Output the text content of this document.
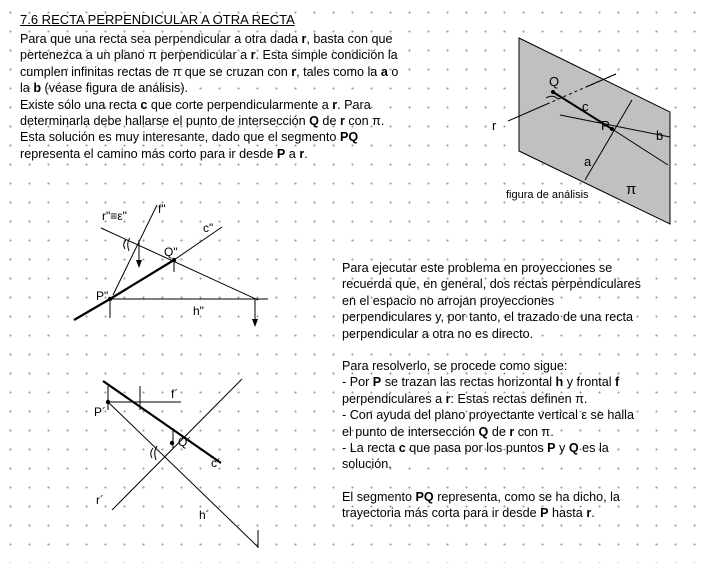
7.6 RECTA PERPENDICULAR A OTRA RECTA
Para que una recta sea perpendicular a otra dada r, basta con que
pertenezca a un plano π perpendicular a r. Esta simple condición la
cumplen infinitas rectas de π que se cruzan con r, tales como la a o
la b (véase figura de análisis).
Existe sólo una recta c que corte perpendicularmente a r. Para
determinarla debe hallarse el punto de intersección Q de r con π.
Esta solución es muy interesante, dado que el segmento PQ
representa el camino más corto para ir desde P a r.
Q
c
P
r
b
a
π
figura de análisis
r"≡ε"	f"
c"
Q"
P"
h"
f´
P´
Q´
c´
r´
h´
Para ejecutar este problema en proyecciones se
recuerda que, en general, dos rectas perpendiculares
en el espacio no arrojan proyecciones
perpendiculares y, por tanto, el trazado de una recta
perpendicular a otra no es directo.
Para resolverlo, se procede como sigue:
- Por P se trazan las rectas horizontal h y frontal f
perpendiculares a r: Estas rectas definen π.
- Con ayuda del plano proyectante vertical ε se halla
el punto de intersección Q de r con π.
- La recta c que pasa por los puntos P y Q es la
solución.
El segmento PQ representa, como se ha dicho, la
trayectoria más corta para ir desde P hasta r.
